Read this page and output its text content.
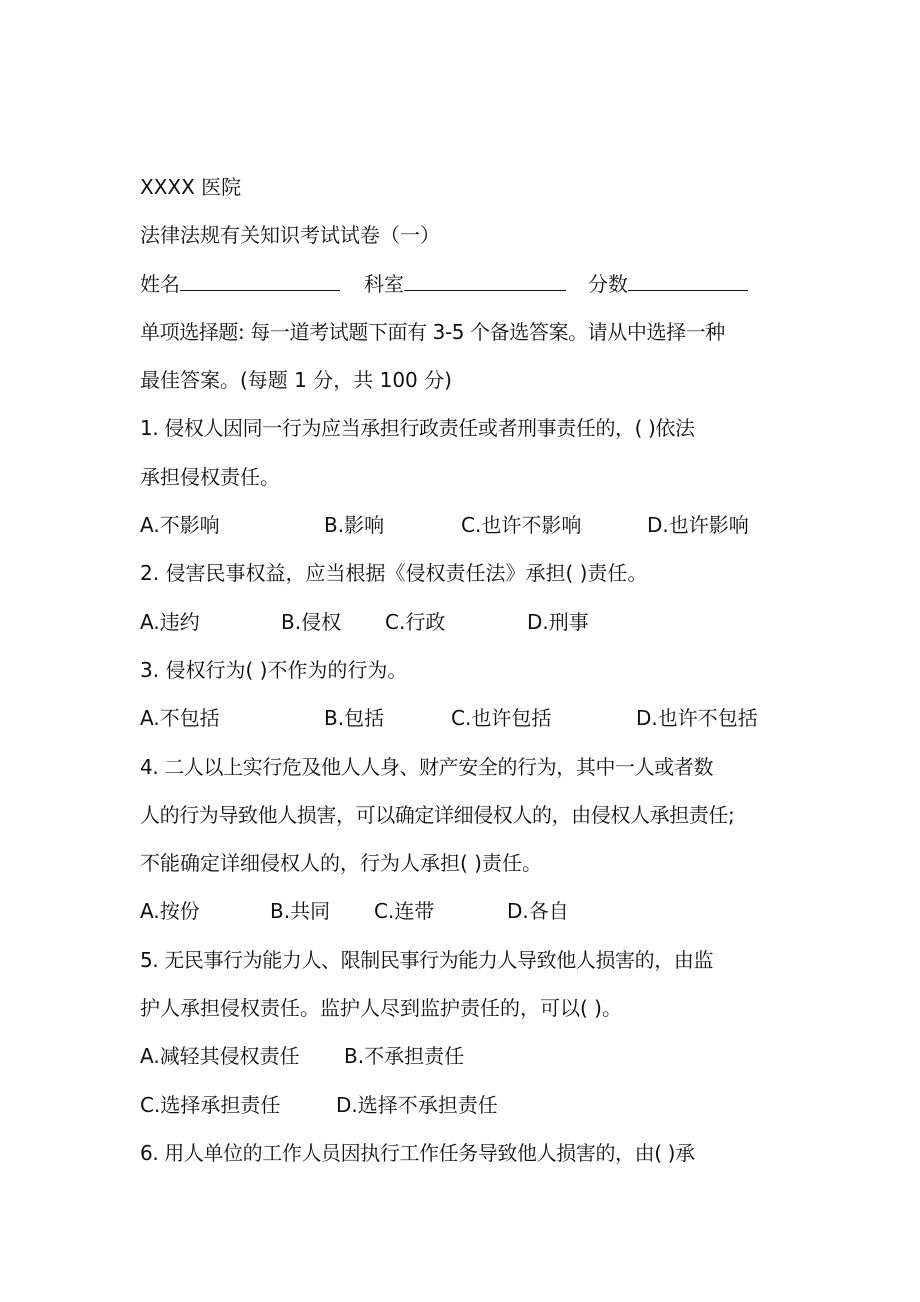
XXXX 医院
法律法规有关知识考试试卷（一）
姓名	科室	分数
单项选择题: 每一道考试题下面有 3-5 个备选答案。请从中选择一种
最佳答案。(每题 1 分，共 100 分)
1. 侵权人因同一行为应当承担行政责任或者刑事责任的，( )依法
承担侵权责任。
A.不影响	B.影响	C.也许不影响	D.也许影响
2. 侵害民事权益，应当根据《侵权责任法》承担( )责任。
A.违约	B.侵权 C.行政	D.刑事
3. 侵权行为( )不作为的行为。
A.不包括	B.包括	C.也许包括	D.也许不包括
4. 二人以上实行危及他人人身、财产安全的行为，其中一人或者数
人的行为导致他人损害，可以确定详细侵权人的，由侵权人承担责任;
不能确定详细侵权人的，行为人承担( )责任。
A.按份	B.共同 C.连带	D.各自
5. 无民事行为能力人、限制民事行为能力人导致他人损害的，由监
护人承担侵权责任。监护人尽到监护责任的，可以( )。
A.减轻其侵权责任 B.不承担责任
C.选择承担责任	D.选择不承担责任
6. 用人单位的工作人员因执行工作任务导致他人损害的，由( )承
